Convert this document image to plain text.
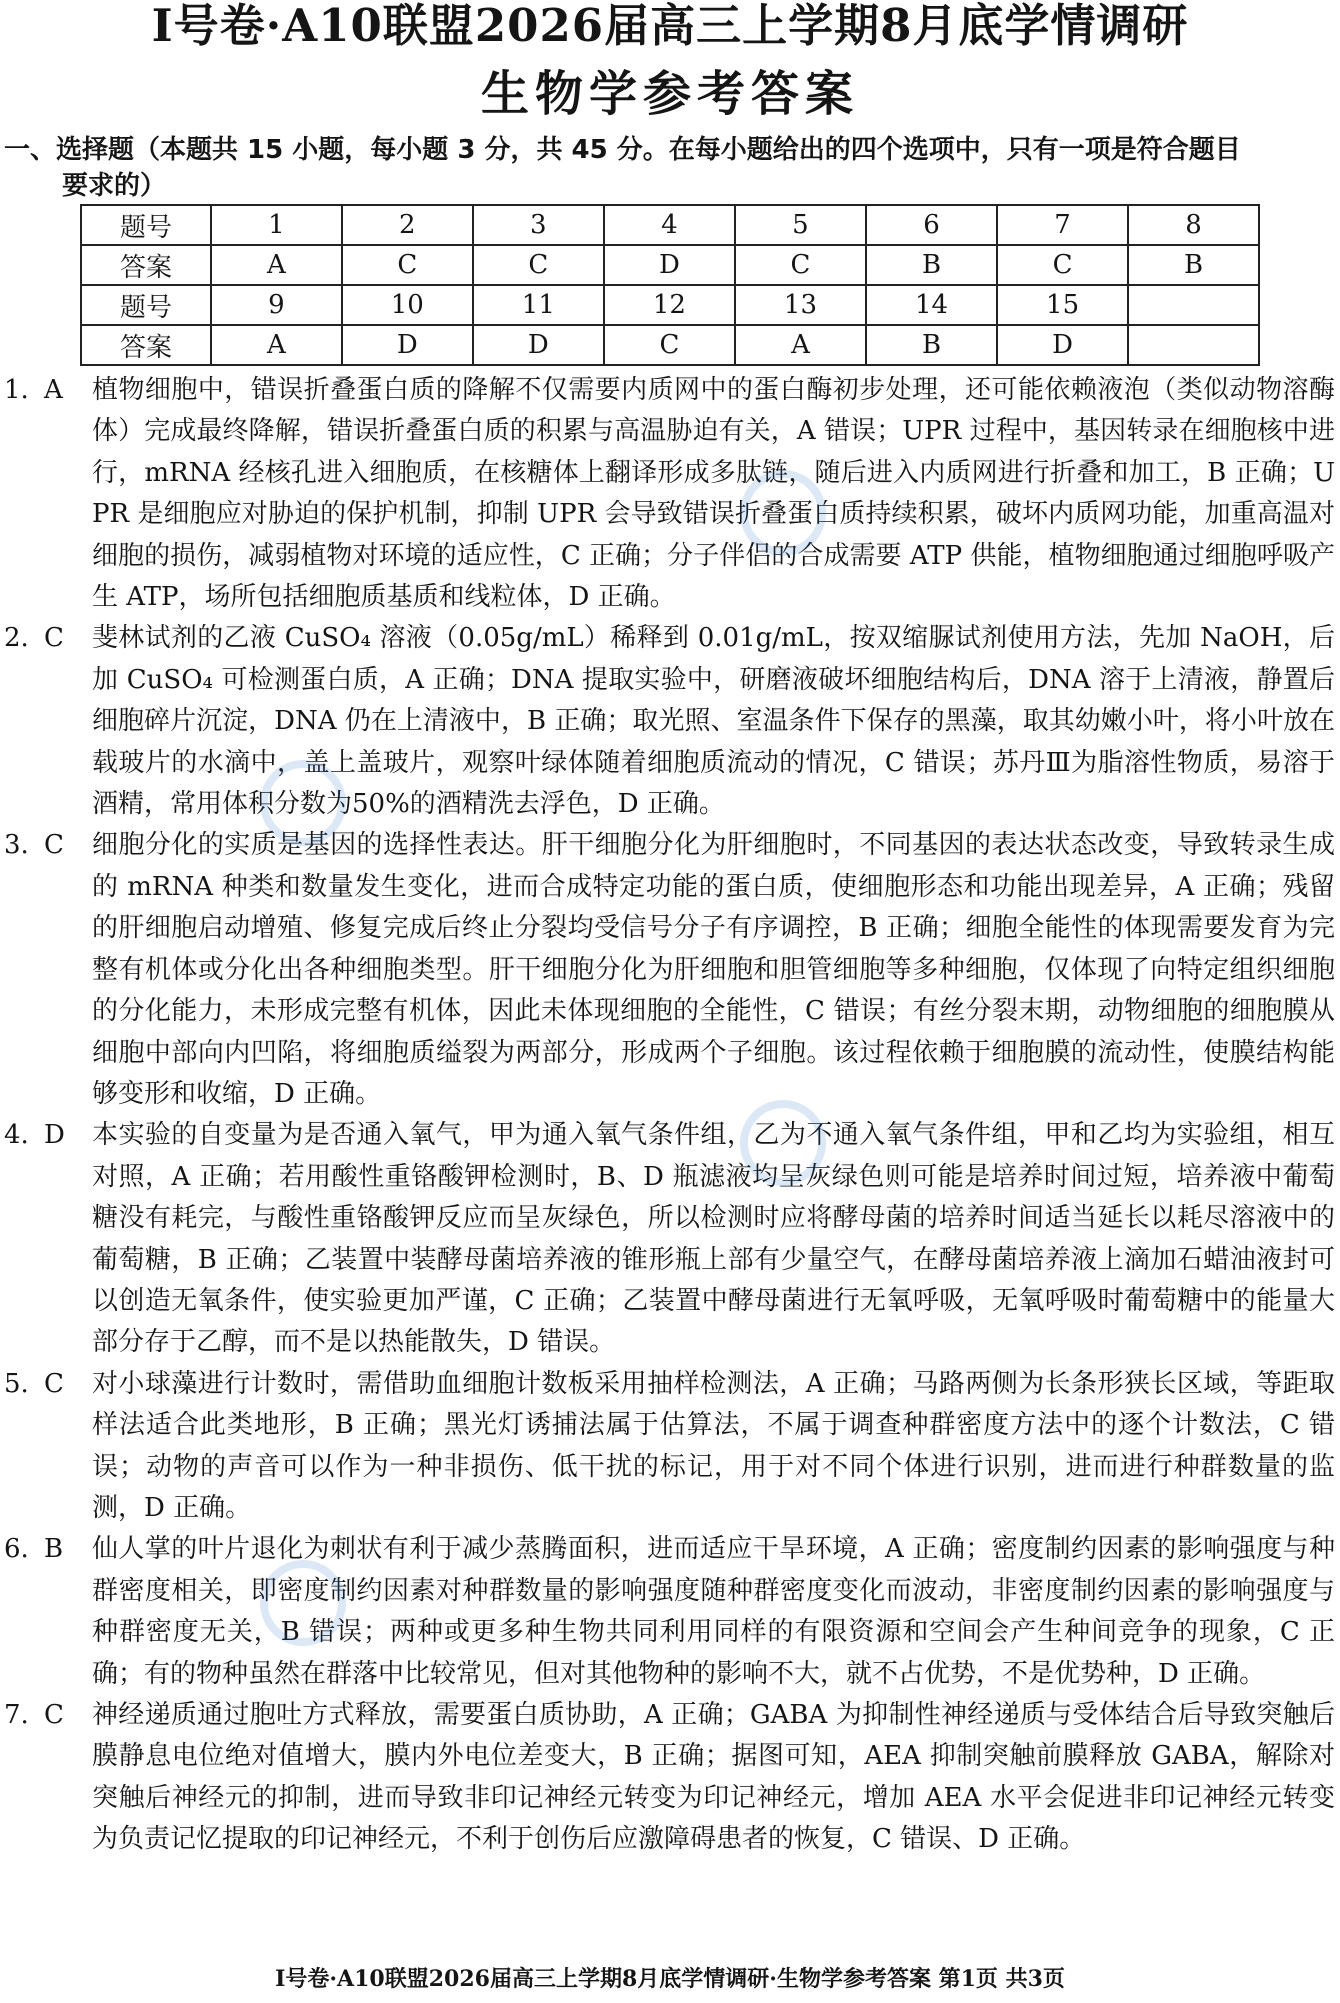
Ⅰ号卷·A10联盟2026届高三上学期8月底学情调研
生物学参考答案
一、选择题（本题共 15 小题，每小题 3 分，共 45 分。在每小题给出的四个选项中，只有一项是符合题目
要求的）
题号	1	2	3	4	5	6	7	8
答案	A	C	C	D	C	B	C	B
题号	9	10	11	12	13	14	15	
答案	A	D	D	C	A	B	D	
1. A	植物细胞中，错误折叠蛋白质的降解不仅需要内质网中的蛋白酶初步处理，还可能依赖液泡（类似动物溶酶体）完成最终降解，错误折叠蛋白质的积累与高温胁迫有关，A 错误；UPR 过程中，基因转录在细胞核中进行，mRNA 经核孔进入细胞质，在核糖体上翻译形成多肽链，随后进入内质网进行折叠和加工，B 正确；UPR 是细胞应对胁迫的保护机制，抑制 UPR 会导致错误折叠蛋白质持续积累，破坏内质网功能，加重高温对细胞的损伤，减弱植物对环境的适应性，C 正确；分子伴侣的合成需要 ATP 供能，植物细胞通过细胞呼吸产生 ATP，场所包括细胞质基质和线粒体，D 正确。
2. C	斐林试剂的乙液 CuSO₄ 溶液（0.05g/mL）稀释到 0.01g/mL，按双缩脲试剂使用方法，先加 NaOH，后加 CuSO₄ 可检测蛋白质，A 正确；DNA 提取实验中，研磨液破坏细胞结构后，DNA 溶于上清液，静置后细胞碎片沉淀，DNA 仍在上清液中，B 正确；取光照、室温条件下保存的黑藻，取其幼嫩小叶，将小叶放在载玻片的水滴中，盖上盖玻片，观察叶绿体随着细胞质流动的情况，C 错误；苏丹Ⅲ为脂溶性物质，易溶于酒精，常用体积分数为50%的酒精洗去浮色，D 正确。
3. C	细胞分化的实质是基因的选择性表达。肝干细胞分化为肝细胞时，不同基因的表达状态改变，导致转录生成的 mRNA 种类和数量发生变化，进而合成特定功能的蛋白质，使细胞形态和功能出现差异，A 正确；残留的肝细胞启动增殖、修复完成后终止分裂均受信号分子有序调控，B 正确；细胞全能性的体现需要发育为完整有机体或分化出各种细胞类型。肝干细胞分化为肝细胞和胆管细胞等多种细胞，仅体现了向特定组织细胞的分化能力，未形成完整有机体，因此未体现细胞的全能性，C 错误；有丝分裂末期，动物细胞的细胞膜从细胞中部向内凹陷，将细胞质缢裂为两部分，形成两个子细胞。该过程依赖于细胞膜的流动性，使膜结构能够变形和收缩，D 正确。
4. D	本实验的自变量为是否通入氧气，甲为通入氧气条件组，乙为不通入氧气条件组，甲和乙均为实验组，相互对照，A 正确；若用酸性重铬酸钾检测时，B、D 瓶滤液均呈灰绿色则可能是培养时间过短，培养液中葡萄糖没有耗完，与酸性重铬酸钾反应而呈灰绿色，所以检测时应将酵母菌的培养时间适当延长以耗尽溶液中的葡萄糖，B 正确；乙装置中装酵母菌培养液的锥形瓶上部有少量空气，在酵母菌培养液上滴加石蜡油液封可以创造无氧条件，使实验更加严谨，C 正确；乙装置中酵母菌进行无氧呼吸，无氧呼吸时葡萄糖中的能量大部分存于乙醇，而不是以热能散失，D 错误。
5. C	对小球藻进行计数时，需借助血细胞计数板采用抽样检测法，A 正确；马路两侧为长条形狭长区域，等距取样法适合此类地形，B 正确；黑光灯诱捕法属于估算法，不属于调查种群密度方法中的逐个计数法，C 错误；动物的声音可以作为一种非损伤、低干扰的标记，用于对不同个体进行识别，进而进行种群数量的监测，D 正确。
6. B	仙人掌的叶片退化为刺状有利于减少蒸腾面积，进而适应干旱环境，A 正确；密度制约因素的影响强度与种群密度相关，即密度制约因素对种群数量的影响强度随种群密度变化而波动，非密度制约因素的影响强度与种群密度无关，B 错误；两种或更多种生物共同利用同样的有限资源和空间会产生种间竞争的现象，C 正确；有的物种虽然在群落中比较常见，但对其他物种的影响不大，就不占优势，不是优势种，D 正确。
7. C	神经递质通过胞吐方式释放，需要蛋白质协助，A 正确；GABA 为抑制性神经递质与受体结合后导致突触后膜静息电位绝对值增大，膜内外电位差变大，B 正确；据图可知，AEA 抑制突触前膜释放 GABA，解除对突触后神经元的抑制，进而导致非印记神经元转变为印记神经元，增加 AEA 水平会促进非印记神经元转变为负责记忆提取的印记神经元，不利于创伤后应激障碍患者的恢复，C 错误、D 正确。
Ⅰ号卷·A10联盟2026届高三上学期8月底学情调研·生物学参考答案 第1页 共3页
